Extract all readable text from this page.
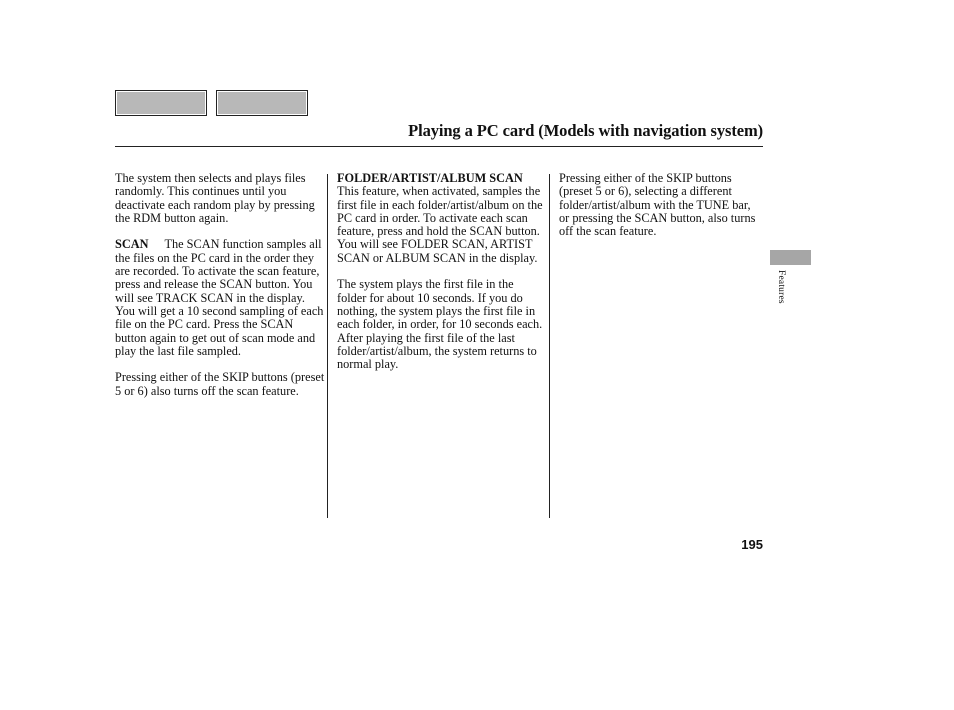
Playing a PC card (Models with navigation system)

The system then selects and plays files randomly. This continues until you deactivate each random play by pressing the RDM button again.

SCAN The SCAN function samples all the files on the PC card in the order they are recorded. To activate the scan feature, press and release the SCAN button. You will see TRACK SCAN in the display. You will get a 10 second sampling of each file on the PC card. Press the SCAN button again to get out of scan mode and play the last file sampled.

Pressing either of the SKIP buttons (preset 5 or 6) also turns off the scan feature.

FOLDER/ARTIST/ALBUM SCANThis feature, when activated, samples the first file in each folder/artist/album on the PC card in order. To activate each scan feature, press and hold the SCAN button. You will see FOLDER SCAN, ARTIST SCAN or ALBUM SCAN in the display.

The system plays the first file in the folder for about 10 seconds. If you do nothing, the system plays the first file in each folder, in order, for 10 seconds each. After playing the first file of the last folder/artist/album, the system returns to normal play.

Pressing either of the SKIP buttons (preset 5 or 6), selecting a different folder/artist/album with the TUNE bar, or pressing the SCAN button, also turns off the scan feature.

Features
195
